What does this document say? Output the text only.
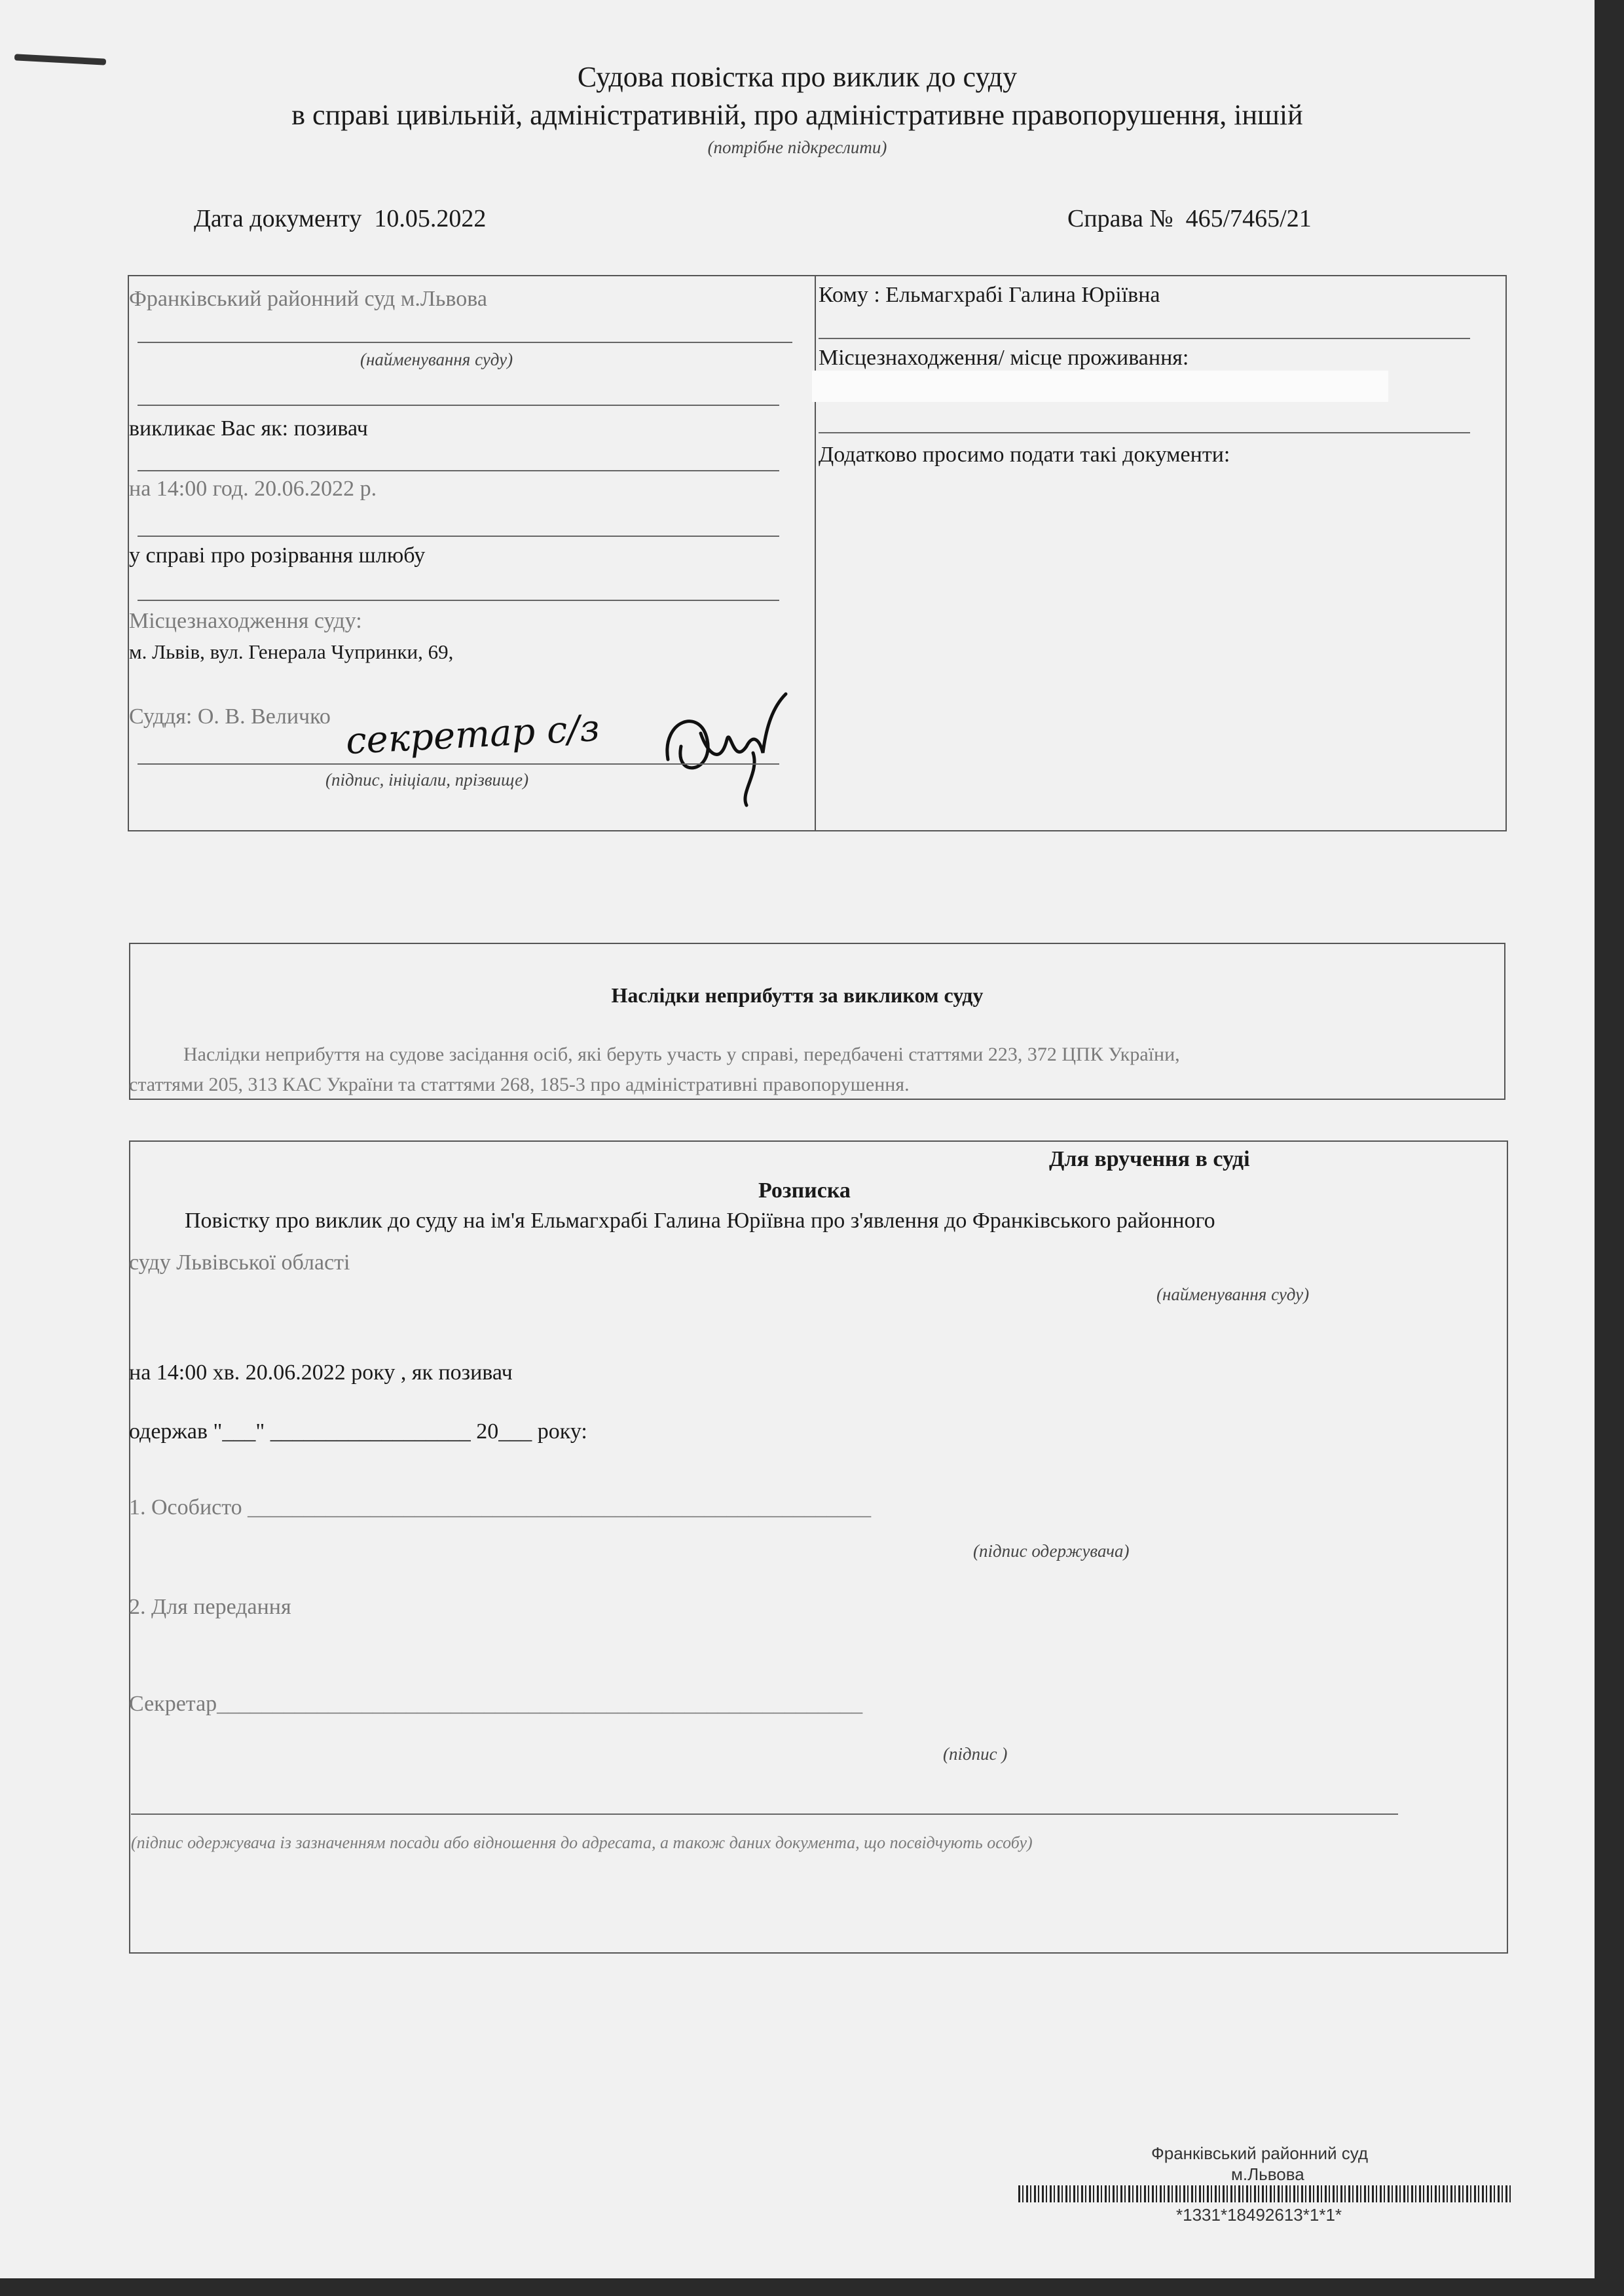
Судова повістка про виклик до суду
в справі цивільній, адміністративній, про адміністративне правопорушення, іншій
(потрібне підкреслити)
Дата документу 10.05.2022	Справа № 465/7465/21
Франківський районний суд м.Львова
(найменування суду)
викликає Вас як: позивач
на 14:00 год. 20.06.2022 р.
у справі про розірвання шлюбу
Місцезнаходження суду:
м. Львів, вул. Генерала Чупринки, 69,
Суддя: О. В. Величко секретар с/з
(підпис, ініціали, прізвище)
Кому : Ельмагхрабі Галина Юріївна
Місцезнаходження/ місце проживання:
Додатково просимо подати такі документи:
Наслідки неприбуття за викликом суду
Наслідки неприбуття на судове засідання осіб, які беруть участь у справі, передбачені статтями 223, 372 ЦПК України,
статтями 205, 313 КАС України та статтями 268, 185-3 про адміністративні правопорушення.
Для вручення в суді
Розписка
Повістку про виклик до суду на ім'я Ельмагхрабі Галина Юріївна про з'явлення до Франківського районного
суду Львівської області
(найменування суду)
на 14:00 хв. 20.06.2022 року , як позивач
одержав "___" __________________ 20___ року:
1. Особисто ________________________________________________________
(підпис одержувача)
2. Для передання
Секретар__________________________________________________________
(підпис )
(підпис одержувача із зазначенням посади або відношення до адресата, а також даних документа, що посвідчують особу)
Франківський районний суд
м.Львова
*1331*18492613*1*1*
